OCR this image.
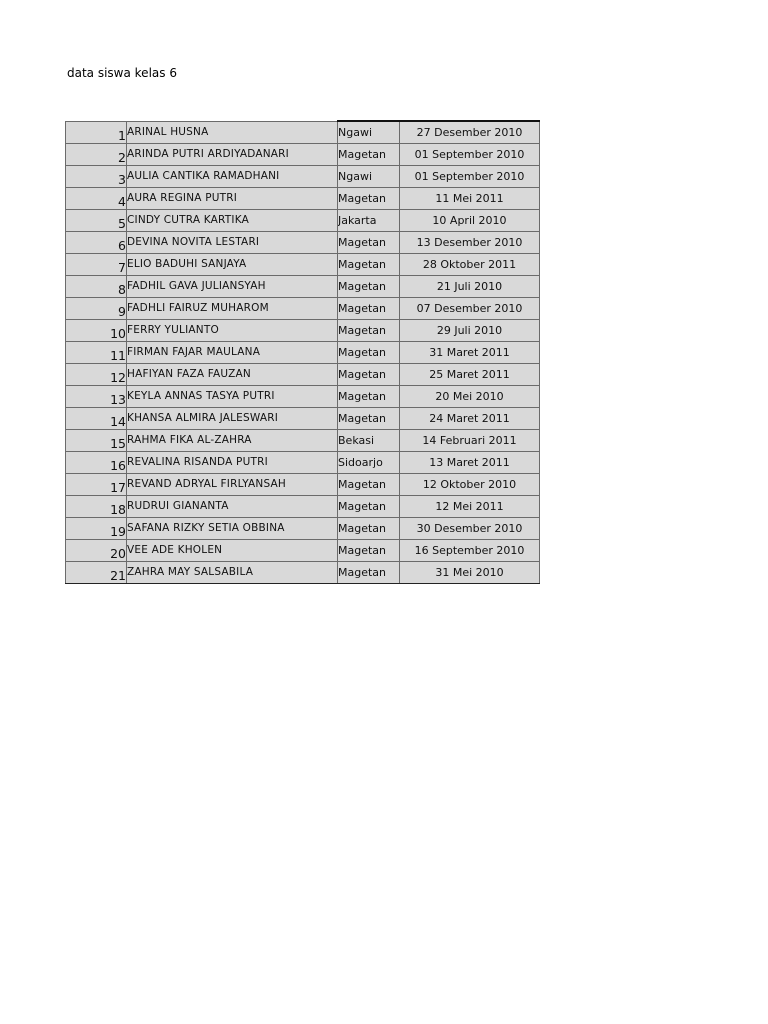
data siswa kelas 6
1	ARINAL HUSNA	Ngawi	27 Desember 2010
2	ARINDA PUTRI ARDIYADANARI	Magetan	01 September 2010
3	AULIA CANTIKA RAMADHANI	Ngawi	01 September 2010
4	AURA REGINA PUTRI	Magetan	11 Mei 2011
5	CINDY CUTRA KARTIKA	Jakarta	10 April 2010
6	DEVINA NOVITA LESTARI	Magetan	13 Desember 2010
7	ELIO BADUHI SANJAYA	Magetan	28 Oktober 2011
8	FADHIL GAVA JULIANSYAH	Magetan	21 Juli 2010
9	FADHLI FAIRUZ MUHAROM	Magetan	07 Desember 2010
10	FERRY YULIANTO	Magetan	29 Juli 2010
11	FIRMAN FAJAR MAULANA	Magetan	31 Maret 2011
12	HAFIYAN FAZA FAUZAN	Magetan	25 Maret 2011
13	KEYLA ANNAS TASYA PUTRI	Magetan	20 Mei 2010
14	KHANSA ALMIRA JALESWARI	Magetan	24 Maret 2011
15	RAHMA FIKA AL-ZAHRA	Bekasi	14 Februari 2011
16	REVALINA RISANDA PUTRI	Sidoarjo	13 Maret 2011
17	REVAND ADRYAL FIRLYANSAH	Magetan	12 Oktober 2010
18	RUDRUI GIANANTA	Magetan	12 Mei 2011
19	SAFANA RIZKY SETIA OBBINA	Magetan	30 Desember 2010
20	VEE ADE KHOLEN	Magetan	16 September 2010
21	ZAHRA MAY SALSABILA	Magetan	31 Mei 2010
